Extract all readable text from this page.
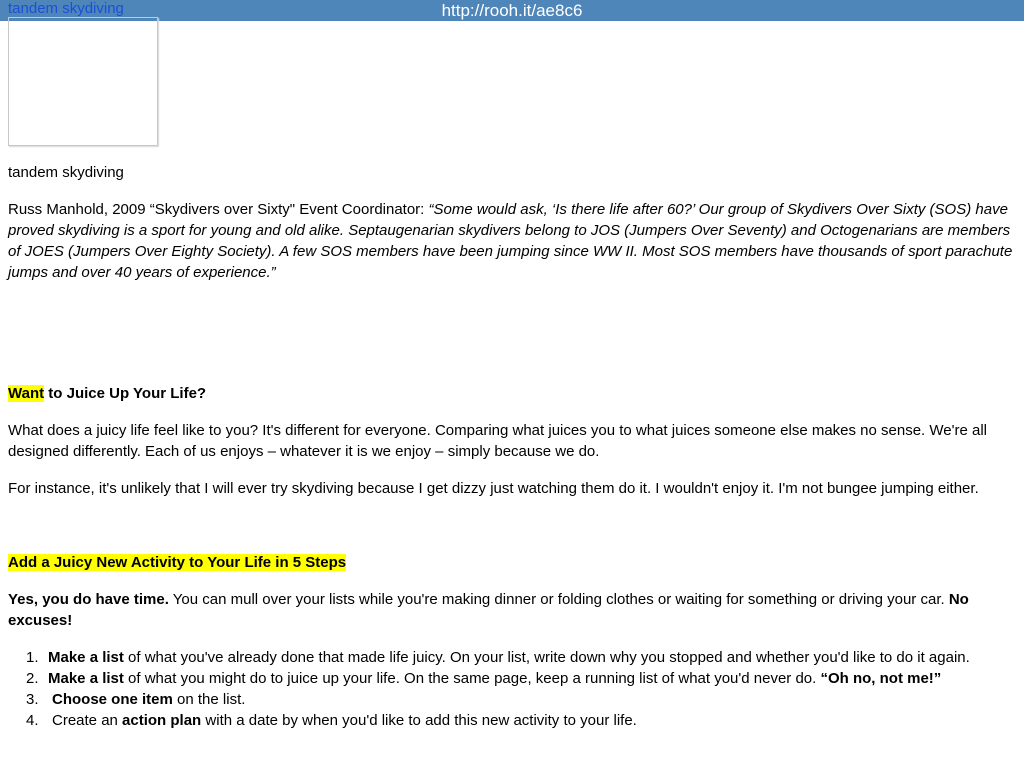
http://rooh.it/ae8c6
tandem skydiving

tandem skydiving

Russ Manhold, 2009 “Skydivers over Sixty" Event Coordinator: “Some would ask, ‘Is there life after 60?’ Our group of Skydivers Over Sixty (SOS) have proved skydiving is a sport for young and old alike. Septaugenarian skydivers belong to JOS (Jumpers Over Seventy) and Octogenarians are members of JOES (Jumpers Over Eighty Society). A few SOS members have been jumping since WW II. Most SOS members have thousands of sport parachute jumps and over 40 years of experience.”

Want to Juice Up Your Life?

What does a juicy life feel like to you? It's different for everyone. Comparing what juices you to what juices someone else makes no sense. We're all designed differently. Each of us enjoys – whatever it is we enjoy – simply because we do.

For instance, it's unlikely that I will ever try skydiving because I get dizzy just watching them do it. I wouldn't enjoy it. I'm not bungee jumping either.

Add a Juicy New Activity to Your Life in 5 Steps

Yes, you do have time. You can mull over your lists while you're making dinner or folding clothes or waiting for something or driving your car. No excuses!

1. Make a list of what you've already done that made life juicy. On your list, write down why you stopped and whether you'd like to do it again.
2. Make a list of what you might do to juice up your life. On the same page, keep a running list of what you'd never do. “Oh no, not me!”
3. Choose one item on the list.
4. Create an action plan with a date by when you'd like to add this new activity to your life.
